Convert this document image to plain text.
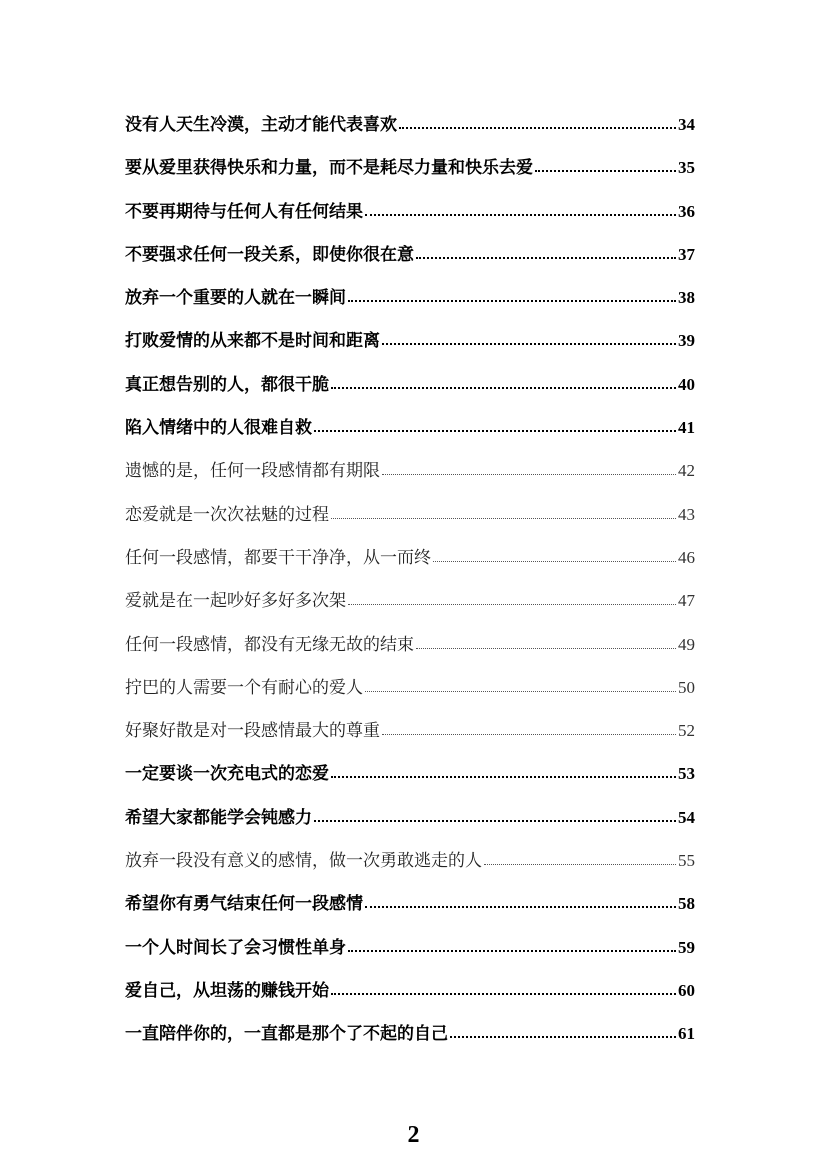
没有人天生冷漠，主动才能代表喜欢	34
要从爱里获得快乐和力量，而不是耗尽力量和快乐去爱	35
不要再期待与任何人有任何结果	36
不要强求任何一段关系，即使你很在意	37
放弃一个重要的人就在一瞬间	38
打败爱情的从来都不是时间和距离	39
真正想告别的人，都很干脆	40
陷入情绪中的人很难自救	41
遗憾的是，任何一段感情都有期限	42
恋爱就是一次次祛魅的过程	43
任何一段感情，都要干干净净，从一而终	46
爱就是在一起吵好多好多次架	47
任何一段感情，都没有无缘无故的结束	49
拧巴的人需要一个有耐心的爱人	50
好聚好散是对一段感情最大的尊重	52
一定要谈一次充电式的恋爱	53
希望大家都能学会钝感力	54
放弃一段没有意义的感情，做一次勇敢逃走的人	55
希望你有勇气结束任何一段感情	58
一个人时间长了会习惯性单身	59
爱自己，从坦荡的赚钱开始	60
一直陪伴你的，一直都是那个了不起的自己	61
2
